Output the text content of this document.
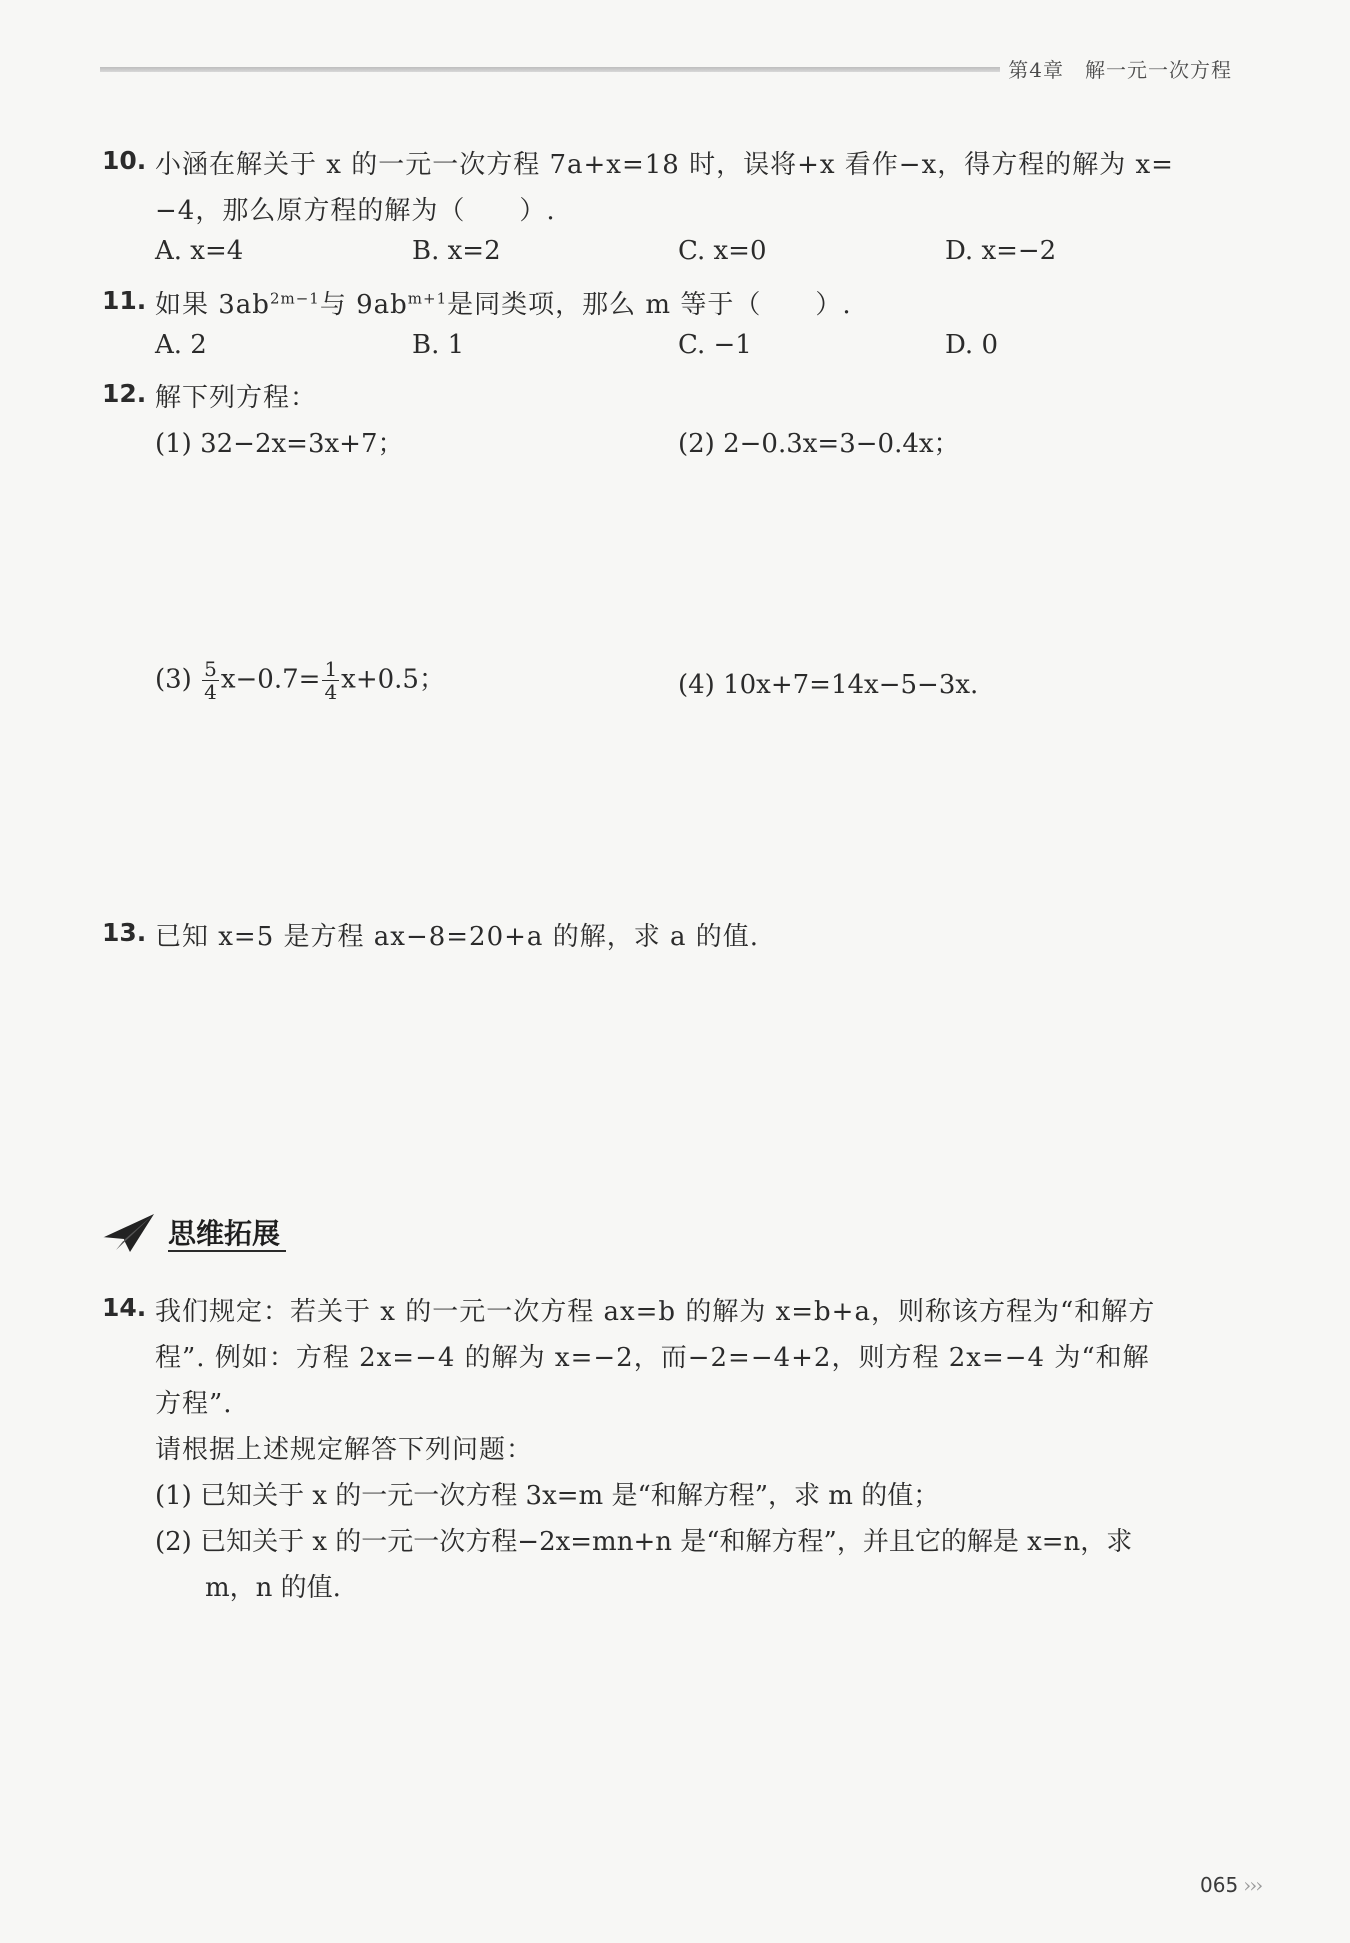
第4章　解一元一次方程
10. 小涵在解关于 x 的一元一次方程 7a+x=18 时，误将+x 看作−x，得方程的解为 x=
−4，那么原方程的解为（　　）.
A. x=4	B. x=2	C. x=0	D. x=−2
11. 如果 $3ab^{2m-1}$与 $9ab^{m+1}$是同类项，那么 m 等于（　　）.
A. 2	B. 1	C. −1	D. 0
12. 解下列方程：
(1) 32−2x=3x+7；	(2) 2−0.3x=3−0.4x；
$(3) \frac{5}{4} x-0.7= \frac{1}{4} x+0.5$；	(4) 10x+7=14x−5−3x.
13. 已知 x=5 是方程 ax−8=20+a 的解，求 a 的值.
思维拓展
14. 我们规定：若关于 x 的一元一次方程 ax=b 的解为 x=b+a，则称该方程为“和解方
程”. 例如：方程 2x=−4 的解为 x=−2，而−2=−4+2，则方程 2x=−4 为“和解
方程”.
请根据上述规定解答下列问题：
(1) 已知关于 x 的一元一次方程 3x=m 是“和解方程”，求 m 的值；
(2) 已知关于 x 的一元一次方程−2x=mn+n 是“和解方程”，并且它的解是 x=n，求
m，n 的值.
065 ›››
